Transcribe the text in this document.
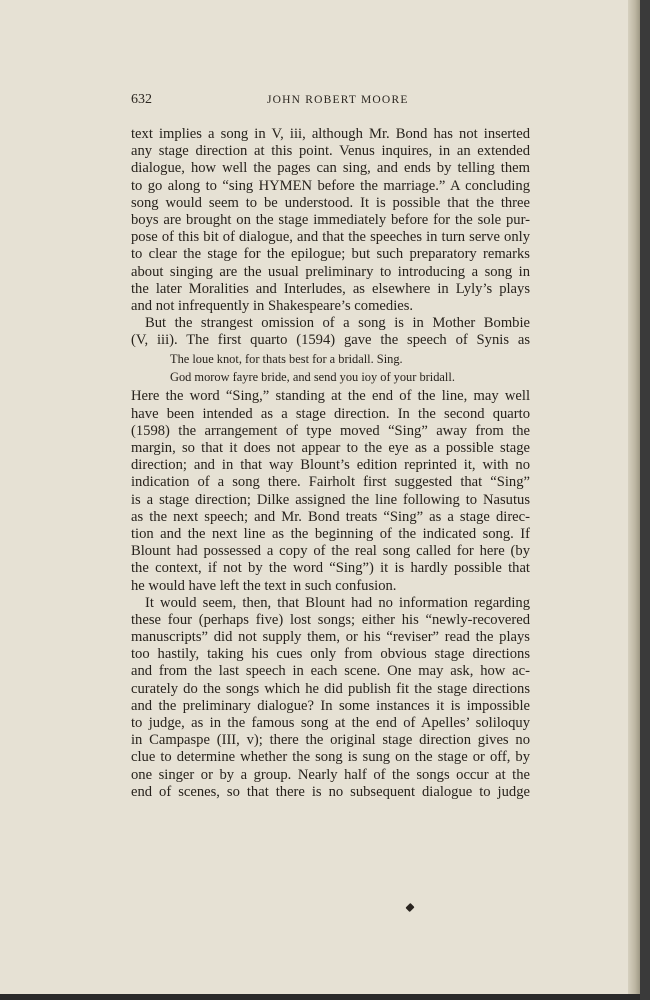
632	JOHN ROBERT MOORE
text implies a song in V, iii, although Mr. Bond has not inserted
any stage direction at this point. Venus inquires, in an extended
dialogue, how well the pages can sing, and ends by telling them
to go along to “sing HYMEN before the marriage.” A concluding
song would seem to be understood. It is possible that the three
boys are brought on the stage immediately before for the sole pur-
pose of this bit of dialogue, and that the speeches in turn serve only
to clear the stage for the epilogue; but such preparatory remarks
about singing are the usual preliminary to introducing a song in
the later Moralities and Interludes, as elsewhere in Lyly’s plays
and not infrequently in Shakespeare’s comedies.
But the strangest omission of a song is in Mother Bombie
(V, iii). The first quarto (1594) gave the speech of Synis as
The loue knot, for thats best for a bridall. Sing.
God morow fayre bride, and send you ioy of your bridall.
Here the word “Sing,” standing at the end of the line, may well
have been intended as a stage direction. In the second quarto
(1598) the arrangement of type moved “Sing” away from the
margin, so that it does not appear to the eye as a possible stage
direction; and in that way Blount’s edition reprinted it, with no
indication of a song there. Fairholt first suggested that “Sing”
is a stage direction; Dilke assigned the line following to Nasutus
as the next speech; and Mr. Bond treats “Sing” as a stage direc-
tion and the next line as the beginning of the indicated song. If
Blount had possessed a copy of the real song called for here (by
the context, if not by the word “Sing”) it is hardly possible that
he would have left the text in such confusion.
It would seem, then, that Blount had no information regarding
these four (perhaps five) lost songs; either his “newly-recovered
manuscripts” did not supply them, or his “reviser” read the plays
too hastily, taking his cues only from obvious stage directions
and from the last speech in each scene. One may ask, how ac-
curately do the songs which he did publish fit the stage directions
and the preliminary dialogue? In some instances it is impossible
to judge, as in the famous song at the end of Apelles’ soliloquy
in Campaspe (III, v); there the original stage direction gives no
clue to determine whether the song is sung on the stage or off, by
one singer or by a group. Nearly half of the songs occur at the
end of scenes, so that there is no subsequent dialogue to judge
